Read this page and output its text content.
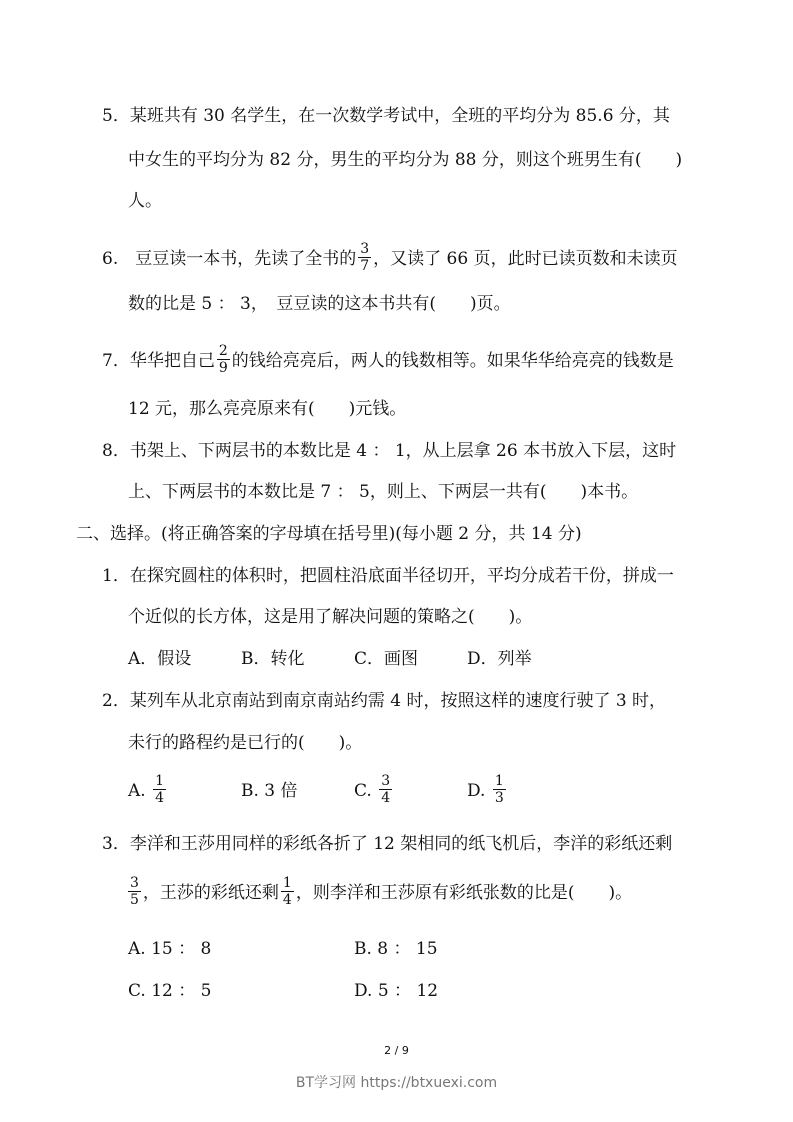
5．某班共有 30 名学生，在一次数学考试中，全班的平均分为 85.6 分，其
中女生的平均分为 82 分，男生的平均分为 88 分，则这个班男生有(　　)
人。
6.　豆豆读一本书，先读了全书的 $\frac{3}{7}$ ，又读了 66 页，此时已读页数和未读页
数的比是 5 ： 3，　豆豆读的这本书共有(　　)页。
7．华华把自己 $\frac{2}{9}$ 的钱给亮亮后，两人的钱数相等。如果华华给亮亮的钱数是
12 元，那么亮亮原来有(　　)元钱。
8．书架上、下两层书的本数比是 4 ： 1，从上层拿 26 本书放入下层，这时
上、下两层书的本数比是 7 ： 5，则上、下两层一共有(　　)本书。
二、选择。(将正确答案的字母填在括号里)(每小题 2 分，共 14 分)
1．在探究圆柱的体积时，把圆柱沿底面半径切开，平均分成若干份，拼成一
个近似的长方体，这是用了解决问题的策略之(　　)。
A．假设	B．转化	C．画图	D．列举
2．某列车从北京南站到南京南站约需 4 时，按照这样的速度行驶了 3 时，
未行的路程约是已行的(　　)。
A. $\frac{1}{4}$	B. 3 倍	C. $\frac{3}{4}$	D. $\frac{1}{3}$
3．李洋和王莎用同样的彩纸各折了 12 架相同的纸飞机后，李洋的彩纸还剩
$\frac{3}{5}$ ，王莎的彩纸还剩 $\frac{1}{4}$ ，则李洋和王莎原有彩纸张数的比是(　　)。
A. 15 ： 8	B. 8 ： 15
C. 12 ： 5	D. 5 ： 12
2 / 9
BT学习网 https://btxuexi.com
